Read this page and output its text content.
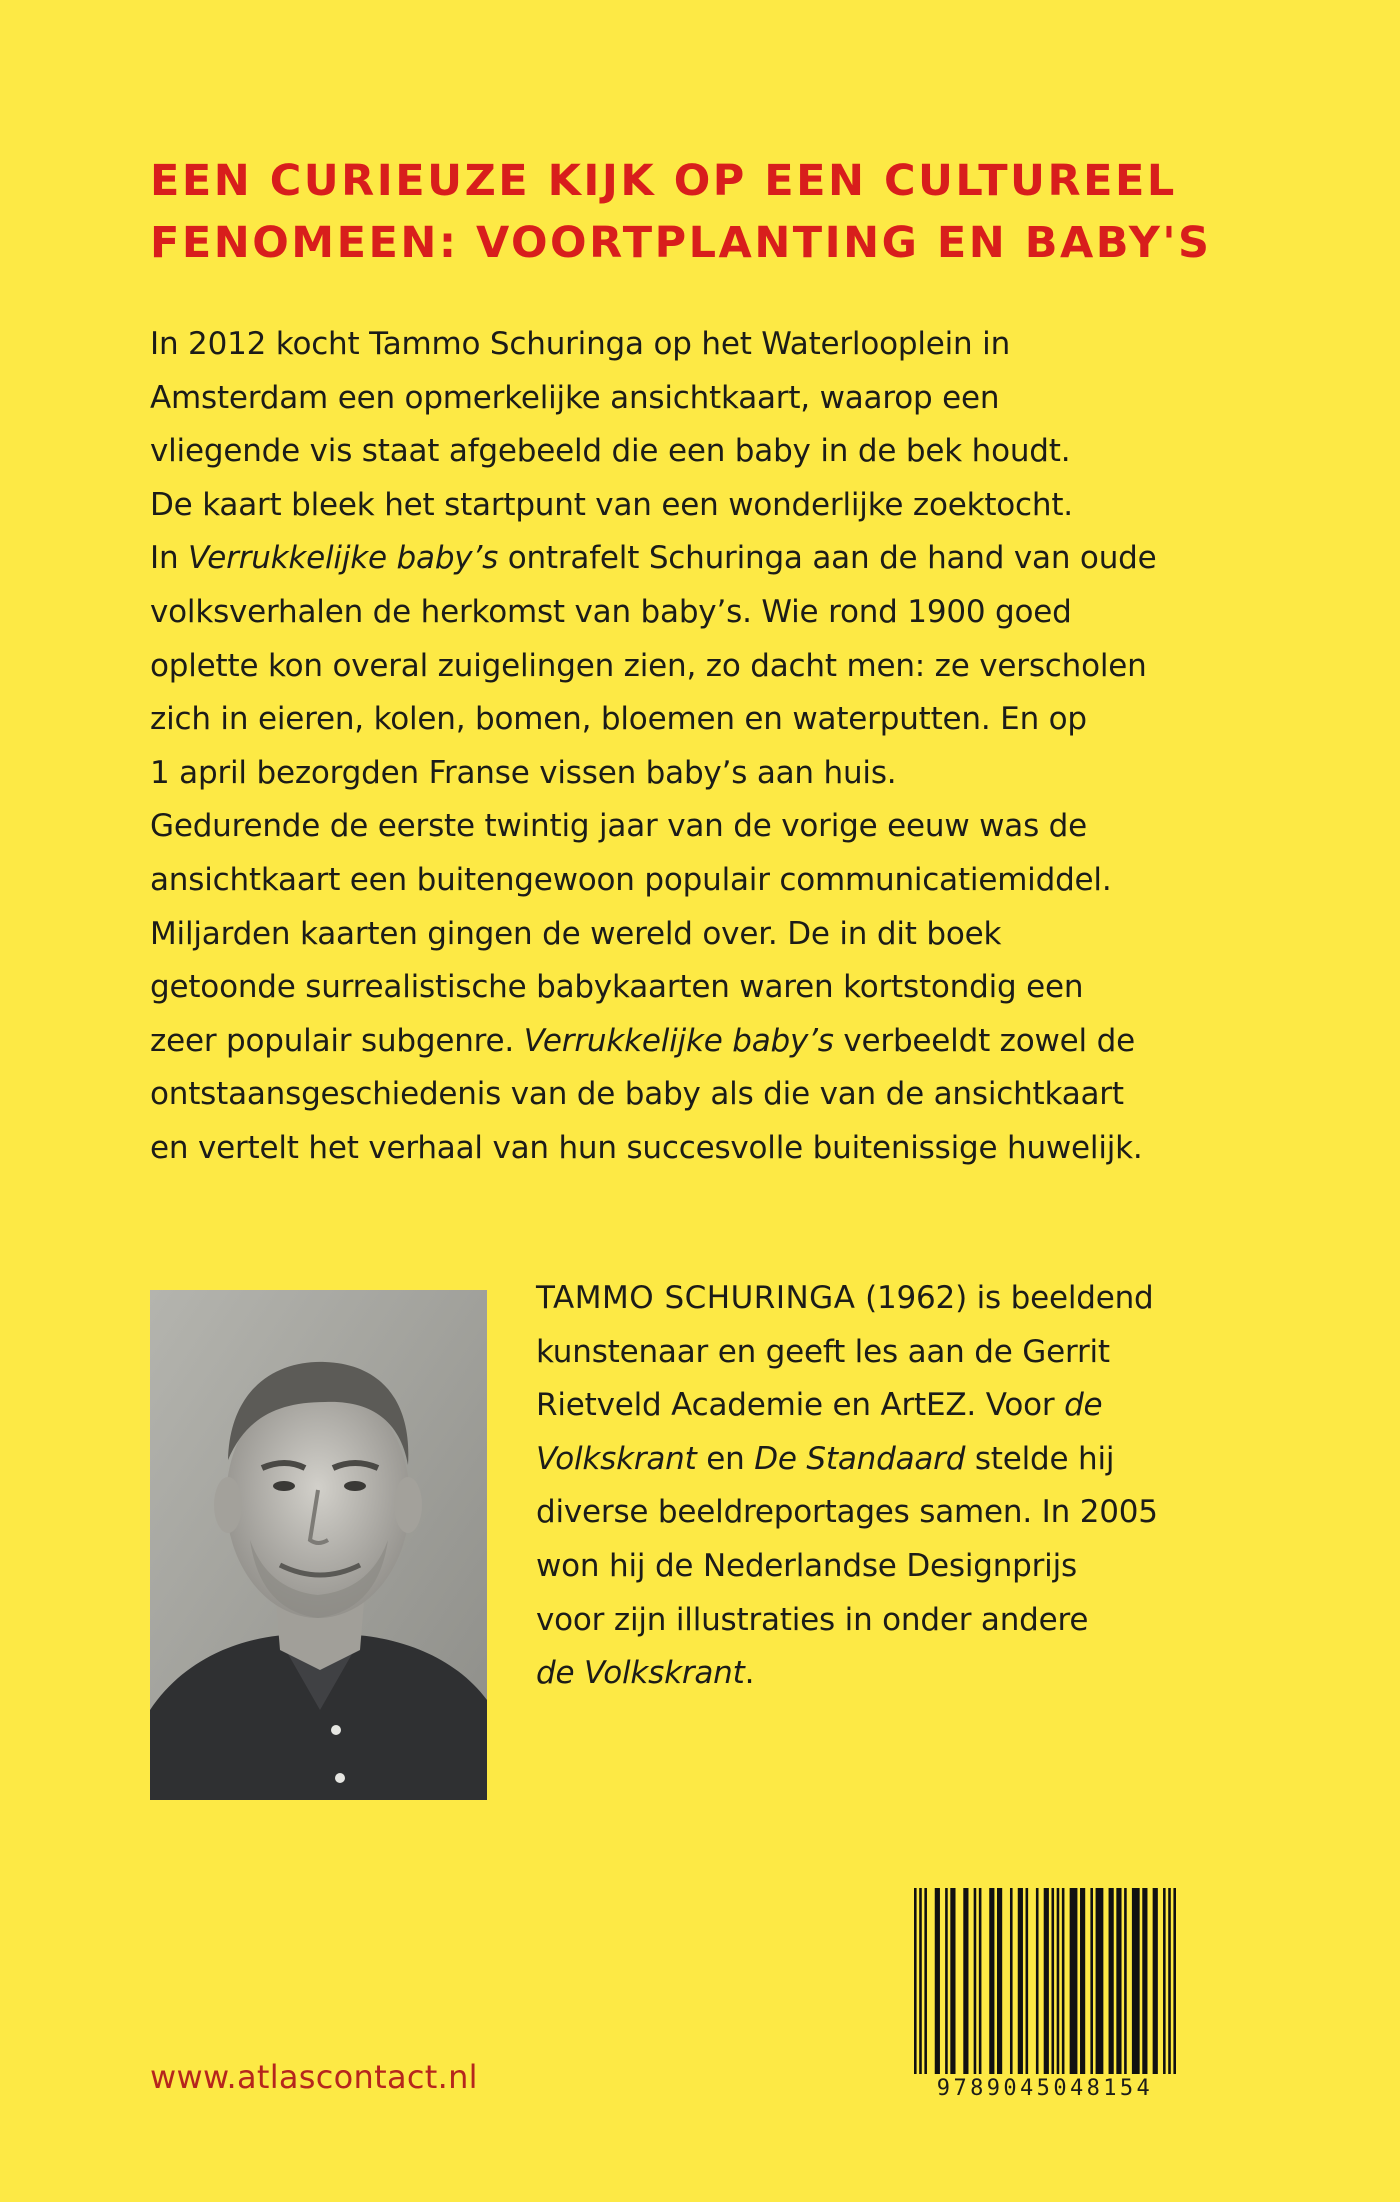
EEN CURIEUZE KIJK OP EEN CULTUREEL
FENOMEEN: VOORTPLANTING EN BABY'S
In 2012 kocht Tammo Schuringa op het Waterlooplein in
Amsterdam een opmerkelijke ansichtkaart, waarop een
vliegende vis staat afgebeeld die een baby in de bek houdt.
De kaart bleek het startpunt van een wonderlijke zoektocht.
In Verrukkelijke baby’s ontrafelt Schuringa aan de hand van oude
volksverhalen de herkomst van baby’s. Wie rond 1900 goed
oplette kon overal zuigelingen zien, zo dacht men: ze verscholen
zich in eieren, kolen, bomen, bloemen en waterputten. En op
1 april bezorgden Franse vissen baby’s aan huis.
Gedurende de eerste twintig jaar van de vorige eeuw was de
ansichtkaart een buitengewoon populair communicatiemiddel.
Miljarden kaarten gingen de wereld over. De in dit boek
getoonde surrealistische babykaarten waren kortstondig een
zeer populair subgenre. Verrukkelijke baby’s verbeeldt zowel de
ontstaansgeschiedenis van de baby als die van de ansichtkaart
en vertelt het verhaal van hun succesvolle buitenissige huwelijk.
TAMMO SCHURINGA (1962) is beeldend
kunstenaar en geeft les aan de Gerrit
Rietveld Academie en ArtEZ. Voor de
Volkskrant en De Standaard stelde hij
diverse beeldreportages samen. In 2005
won hij de Nederlandse Designprijs
voor zijn illustraties in onder andere
de Volkskrant.
9789045048154
www.atlascontact.nl
